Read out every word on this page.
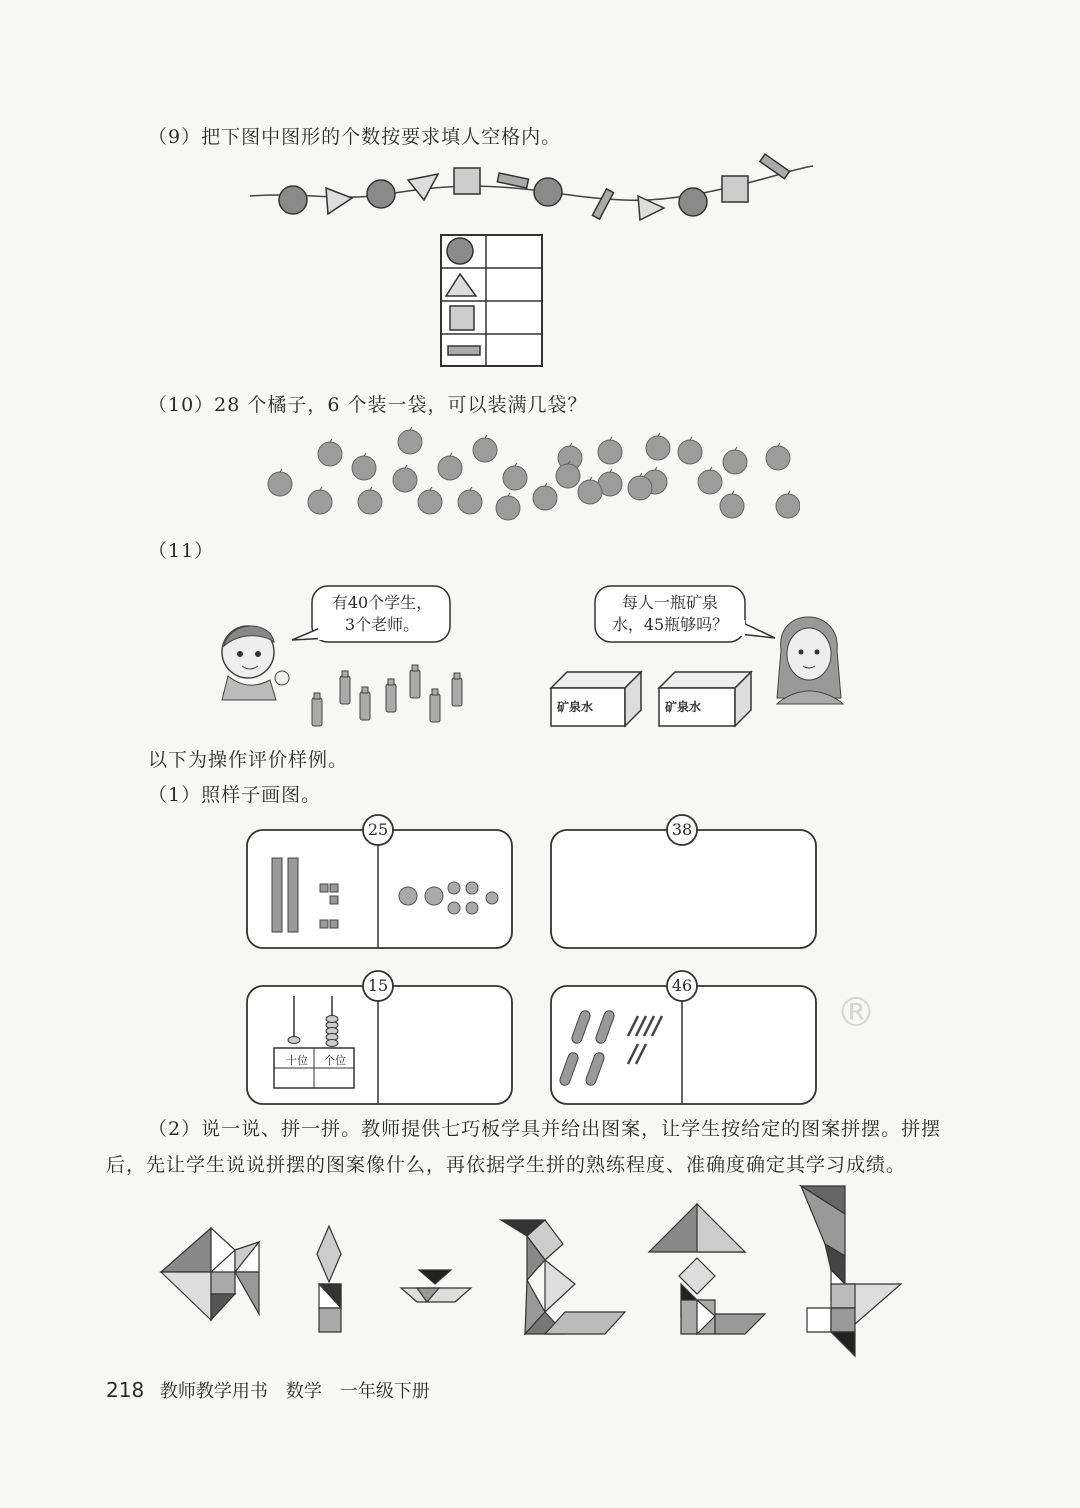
（9）把下图中图形的个数按要求填人空格内。
（10）28 个橘子，6 个装一袋，可以装满几袋？
（11）
有40个学生，
3个老师。
每人一瓶矿泉
水，45瓶够吗？
矿泉水	矿泉水
以下为操作评价样例。
（1）照样子画图。
25	38
15	46
十位	个位
®
（2）说一说、拼一拼。教师提供七巧板学具并给出图案，让学生按给定的图案拼摆。拼摆
后，先让学生说说拼摆的图案像什么，再依据学生拼的熟练程度、准确度确定其学习成绩。
218 教师教学用书　数学　一年级下册
